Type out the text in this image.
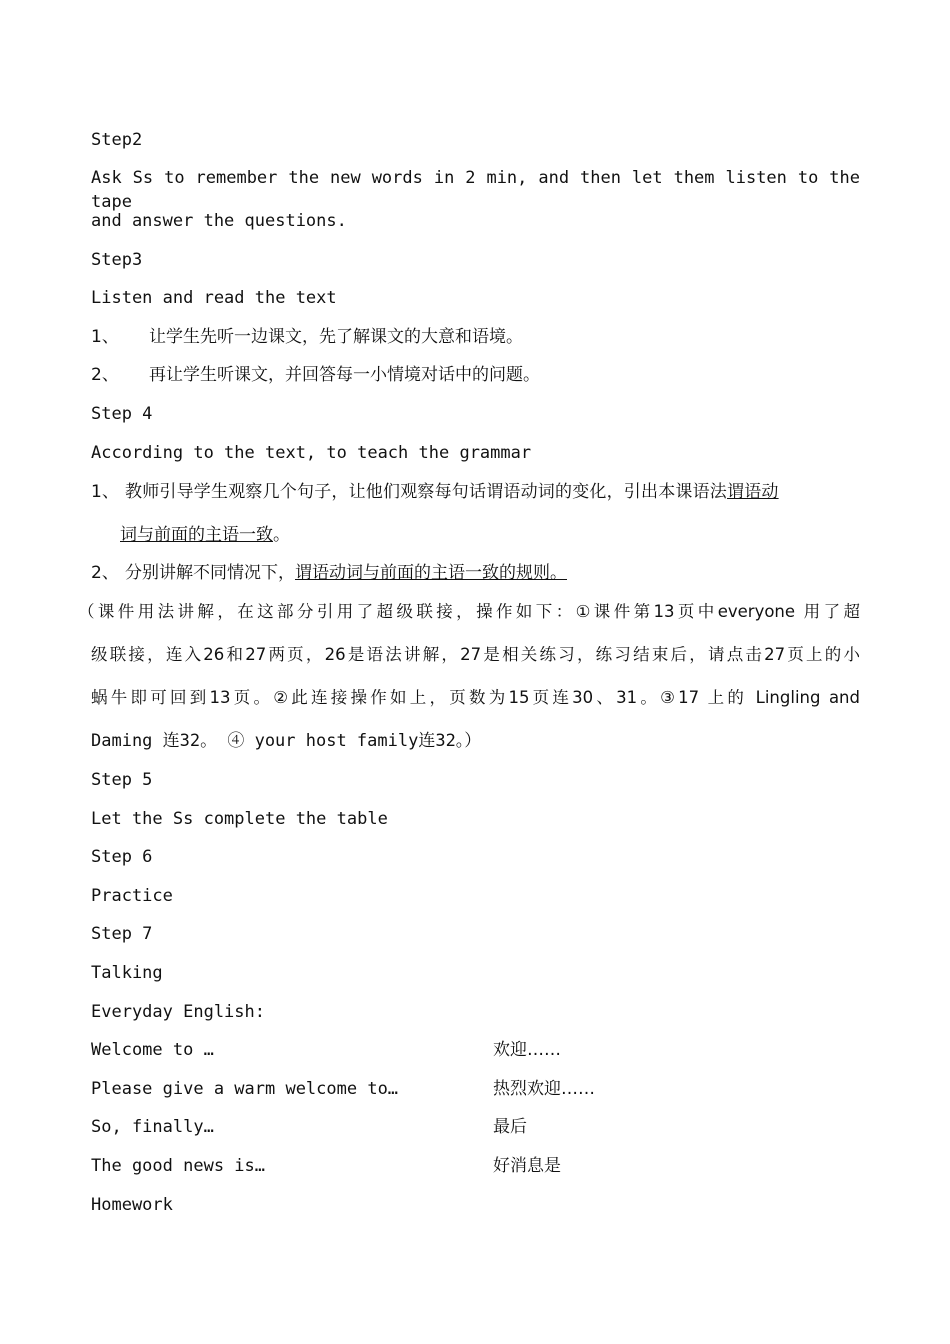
Step2
Ask Ss to remember the new words in 2 min, and then let them listen to the tape
and answer the questions.
Step3
Listen and read the text
1、 让学生先听一边课文，先了解课文的大意和语境。
2、 再让学生听课文，并回答每一小情境对话中的问题。
Step 4
According to the text, to teach the grammar
1、 教师引导学生观察几个句子，让他们观察每句话谓语动词的变化，引出本课语法谓语动
词与前面的主语一致。
2、 分别讲解不同情况下，谓语动词与前面的主语一致的规则。
（课件用法讲解，在这部分引用了超级联接，操作如下：①课件第13页中everyone 用了超
级联接，连入26和27两页，26是语法讲解，27是相关练习，练习结束后，请点击27页上的小
蜗牛即可回到13页。②此连接操作如上，页数为15页连30、31。③17 上的 Lingling and
Daming 连32。 ④ your host family连32。）
Step 5
Let the Ss complete the table
Step 6
Practice
Step 7
Talking
Everyday English:
Welcome to …	欢迎……
Please give a warm welcome to…	热烈欢迎……
So, finally…	最后
The good news is…	好消息是
Homework
